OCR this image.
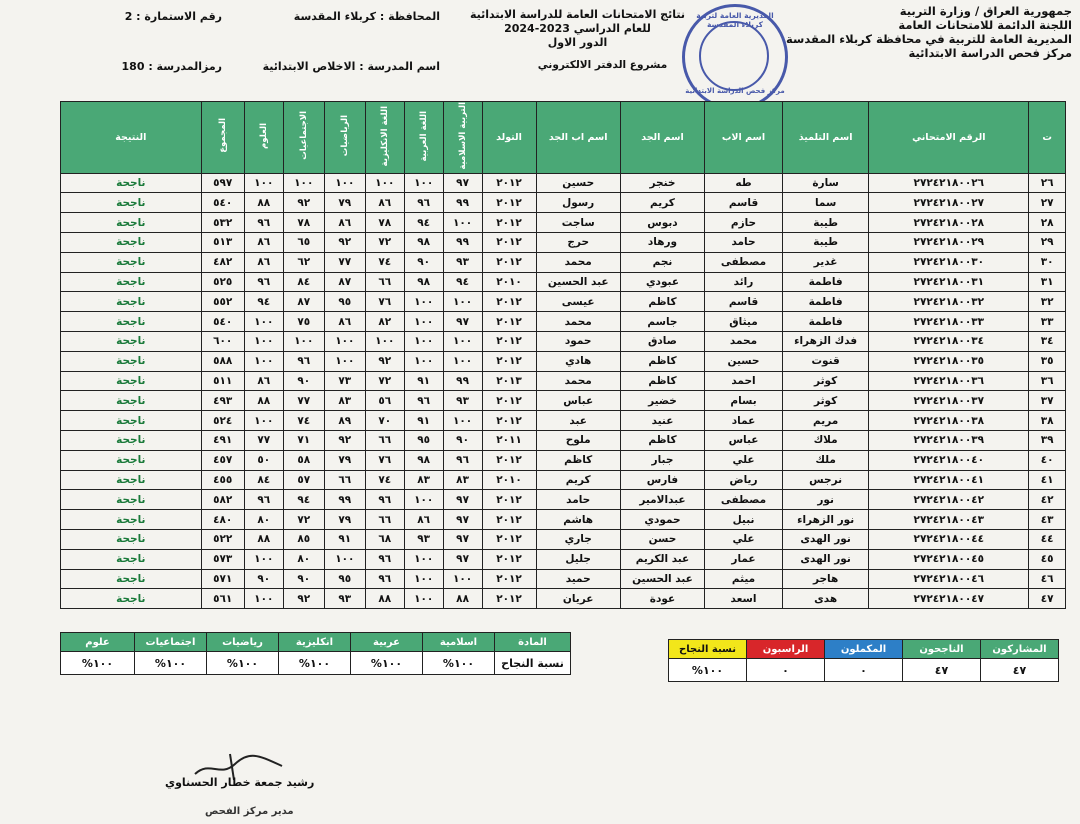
جمهورية العراق / وزارة التربية
اللجنة الدائمة للامتحانات العامة
المديرية العامة للتربية في محافظة كربلاء المقدسة
مركز فحص الدراسة الابتدائية
نتائج الامتحانات العامة للدراسة الابتدائية
للعام الدراسي 2023-2024
الدور الاول
مشروع الدفتر الالكتروني
المحافظة : كربلاء المقدسة
اسم المدرسة : الاخلاص الابتدائية
رقم الاستمارة : 2
رمزالمدرسة : 180
المديرية العامة لتربية كربلاء المقدسة
مركز فحص الدراسة الابتدائية
ت	الرقم الامتحاني	اسم التلميذ	اسم الاب	اسم الجد	اسم اب الجد	التولد	التربية الاسلامية	اللغة العربية	اللغة الانكليزية	الرياضيات	الاجتماعيات	العلوم	المجموع	النتيجة
٢٦	٢٧٢٤٢١٨٠٠٢٦	سارة	طه	خنجر	حسين	٢٠١٢	٩٧	١٠٠	١٠٠	١٠٠	١٠٠	١٠٠	٥٩٧	ناجحة
٢٧	٢٧٢٤٢١٨٠٠٢٧	سما	قاسم	كريم	رسول	٢٠١٢	٩٩	٩٦	٨٦	٧٩	٩٢	٨٨	٥٤٠	ناجحة
٢٨	٢٧٢٤٢١٨٠٠٢٨	طيبة	حازم	دبوس	ساجت	٢٠١٢	١٠٠	٩٤	٧٨	٨٦	٧٨	٩٦	٥٣٢	ناجحة
٢٩	٢٧٢٤٢١٨٠٠٢٩	طيبة	حامد	ورهاد	حرج	٢٠١٢	٩٩	٩٨	٧٢	٩٢	٦٥	٨٦	٥١٣	ناجحة
٣٠	٢٧٢٤٢١٨٠٠٣٠	غدير	مصطفى	نجم	محمد	٢٠١٢	٩٣	٩٠	٧٤	٧٧	٦٢	٨٦	٤٨٢	ناجحة
٣١	٢٧٢٤٢١٨٠٠٣١	فاطمة	رائد	عبودي	عبد الحسين	٢٠١٠	٩٤	٩٨	٦٦	٨٧	٨٤	٩٦	٥٢٥	ناجحة
٣٢	٢٧٢٤٢١٨٠٠٣٢	فاطمة	قاسم	كاظم	عيسى	٢٠١٢	١٠٠	١٠٠	٧٦	٩٥	٨٧	٩٤	٥٥٢	ناجحة
٣٣	٢٧٢٤٢١٨٠٠٣٣	فاطمة	ميثاق	جاسم	محمد	٢٠١٢	٩٧	١٠٠	٨٢	٨٦	٧٥	١٠٠	٥٤٠	ناجحة
٣٤	٢٧٢٤٢١٨٠٠٣٤	فدك الزهراء	محمد	صادق	حمود	٢٠١٢	١٠٠	١٠٠	١٠٠	١٠٠	١٠٠	١٠٠	٦٠٠	ناجحة
٣٥	٢٧٢٤٢١٨٠٠٣٥	قنوت	حسين	كاظم	هادي	٢٠١٢	١٠٠	١٠٠	٩٢	١٠٠	٩٦	١٠٠	٥٨٨	ناجحة
٣٦	٢٧٢٤٢١٨٠٠٣٦	كوثر	احمد	كاظم	محمد	٢٠١٣	٩٩	٩١	٧٢	٧٣	٩٠	٨٦	٥١١	ناجحة
٣٧	٢٧٢٤٢١٨٠٠٣٧	كوثر	بسام	خضير	عباس	٢٠١٢	٩٣	٩٦	٥٦	٨٣	٧٧	٨٨	٤٩٣	ناجحة
٣٨	٢٧٢٤٢١٨٠٠٣٨	مريم	عماد	عنيد	عبد	٢٠١٢	١٠٠	٩١	٧٠	٨٩	٧٤	١٠٠	٥٢٤	ناجحة
٣٩	٢٧٢٤٢١٨٠٠٣٩	ملاك	عباس	كاظم	ملوح	٢٠١١	٩٠	٩٥	٦٦	٩٢	٧١	٧٧	٤٩١	ناجحة
٤٠	٢٧٢٤٢١٨٠٠٤٠	ملك	علي	جبار	كاظم	٢٠١٢	٩٦	٩٨	٧٦	٧٩	٥٨	٥٠	٤٥٧	ناجحة
٤١	٢٧٢٤٢١٨٠٠٤١	نرجس	رياض	فارس	كريم	٢٠١٠	٨٣	٨٣	٧٤	٦٦	٥٧	٨٤	٤٥٥	ناجحة
٤٢	٢٧٢٤٢١٨٠٠٤٢	نور	مصطفى	عبدالامير	حامد	٢٠١٢	٩٧	١٠٠	٩٦	٩٩	٩٤	٩٦	٥٨٢	ناجحة
٤٣	٢٧٢٤٢١٨٠٠٤٣	نور الزهراء	نبيل	حمودي	هاشم	٢٠١٢	٩٧	٨٦	٦٦	٧٩	٧٢	٨٠	٤٨٠	ناجحة
٤٤	٢٧٢٤٢١٨٠٠٤٤	نور الهدى	علي	حسن	جاري	٢٠١٢	٩٧	٩٣	٦٨	٩١	٨٥	٨٨	٥٢٢	ناجحة
٤٥	٢٧٢٤٢١٨٠٠٤٥	نور الهدى	عمار	عبد الكريم	جليل	٢٠١٢	٩٧	١٠٠	٩٦	١٠٠	٨٠	١٠٠	٥٧٣	ناجحة
٤٦	٢٧٢٤٢١٨٠٠٤٦	هاجر	ميثم	عبد الحسين	حميد	٢٠١٢	١٠٠	١٠٠	٩٦	٩٥	٩٠	٩٠	٥٧١	ناجحة
٤٧	٢٧٢٤٢١٨٠٠٤٧	هدى	اسعد	عودة	عريان	٢٠١٢	٨٨	١٠٠	٨٨	٩٣	٩٢	١٠٠	٥٦١	ناجحة
المادة	اسلامية	عربية	انكليزية	رياضيات	اجتماعيات	علوم
نسبة النجاح	١٠٠%	١٠٠%	١٠٠%	١٠٠%	١٠٠%	١٠٠%
المشاركون	الناجحون	المكملون	الراسبون	نسبة النجاح
٤٧	٤٧	٠	٠	١٠٠%
رشيد جمعة خطار الحسناوي
مدير مركز الفحص
